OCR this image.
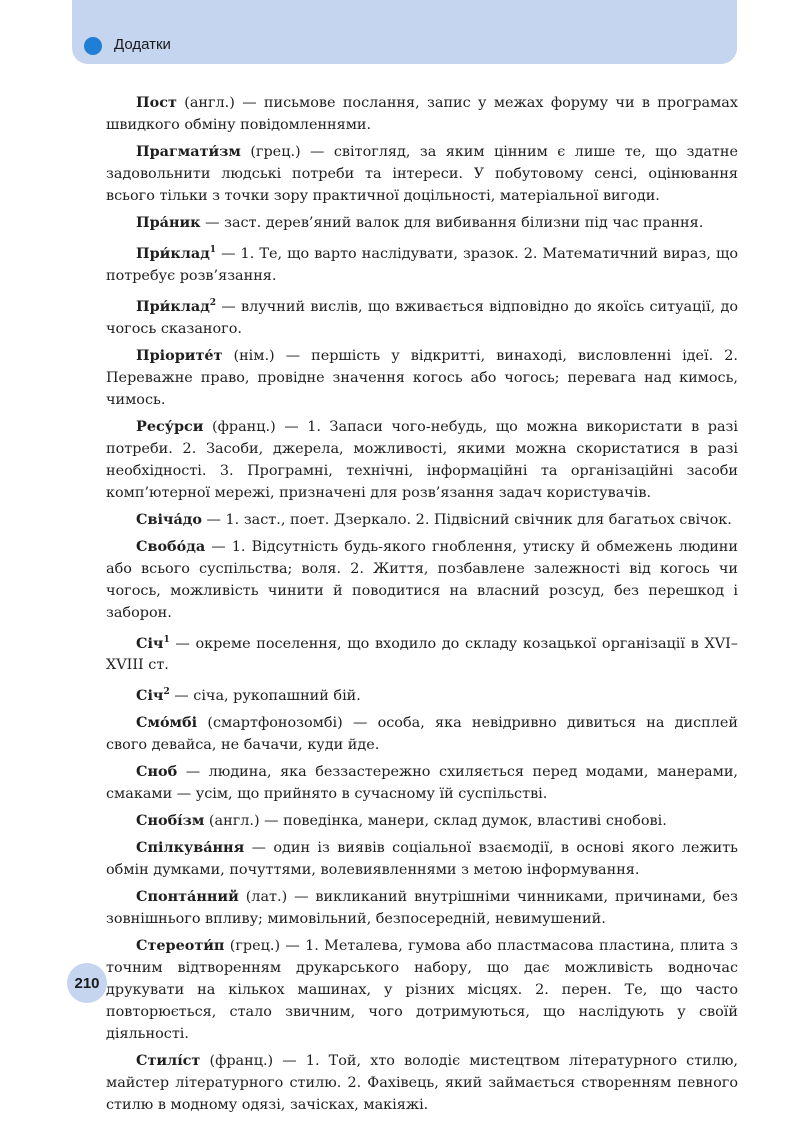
Додатки

Пост (англ.) — письмове послання, запис у межах форуму чи в програмах швидкого обміну повідомленнями.

Прагмати́зм (грец.) — світогляд, за яким цінним є лише те, що здатне задовольнити людські потреби та інтереси. У побутовому сенсі, оцінювання всього тільки з точки зору практичної доцільності, матеріальної вигоди.

Пра́ник — заст. дерев’яний валок для вибивання білизни під час прання.

При́клад$^1$ — 1. Те, що варто наслідувати, зразок. 2. Математичний вираз, що потребує розв’язання.

При́клад$^2$ — влучний вислів, що вживається відповідно до якоїсь ситуації, до чогось сказаного.

Пріорите́т (нім.) — першість у відкритті, винаході, висловленні ідеї. 2. Переважне право, провідне значення когось або чогось; перевага над кимось, чимось.

Ресу́рси (франц.) — 1. Запаси чого-небудь, що можна використати в разі потреби. 2. Засоби, джерела, можливості, якими можна скористатися в разі необхідності. 3. Програмні, технічні, інформаційні та організаційні засоби комп’ютерної мережі, призначені для розв’язання задач користувачів.

Свіча́до — 1. заст., поет. Дзеркало. 2. Підвісний свічник для багатьох свічок.

Свобо́да — 1. Відсутність будь-якого гноблення, утиску й обмежень людини або всього суспільства; воля. 2. Життя, позбавлене залежності від когось чи чогось, можливість чинити й поводитися на власний розсуд, без перешкод і заборон.

Січ$^1$ — окреме поселення, що входило до складу козацької організації в XVI–XVIII ст.

Січ$^2$ — січа, рукопашний бій.

Смо́мбі (смартфонозомбі) — особа, яка невідривно дивиться на дисплей свого девайса, не бачачи, куди йде.

Сноб — людина, яка беззастережно схиляється перед модами, манерами, смаками — усім, що прийнято в сучасному їй суспільстві.

Снобі́зм (англ.) — поведінка, манери, склад думок, властиві снобові.

Спілкува́ння — один із виявів соціальної взаємодії, в основі якого лежить обмін думками, почуттями, волевиявленнями з метою інформування.

Спонта́нний (лат.) — викликаний внутрішніми чинниками, причинами, без зовнішнього впливу; мимовільний, безпосередній, невимушений.

Стереоти́п (грец.) — 1. Металева, гумова або пластмасова пластина, плита з точним відтворенням друкарського набору, що дає можливість водночас друкувати на кількох машинах, у різних місцях. 2. перен. Те, що часто повторюється, стало звичним, чого дотримуються, що наслідують у своїй діяльності.

Стилі́ст (франц.) — 1. Той, хто володіє мистецтвом літературного стилю, майстер літературного стилю. 2. Фахівець, який займається створенням певного стилю в модному одязі, зачісках, макіяжі.

210
